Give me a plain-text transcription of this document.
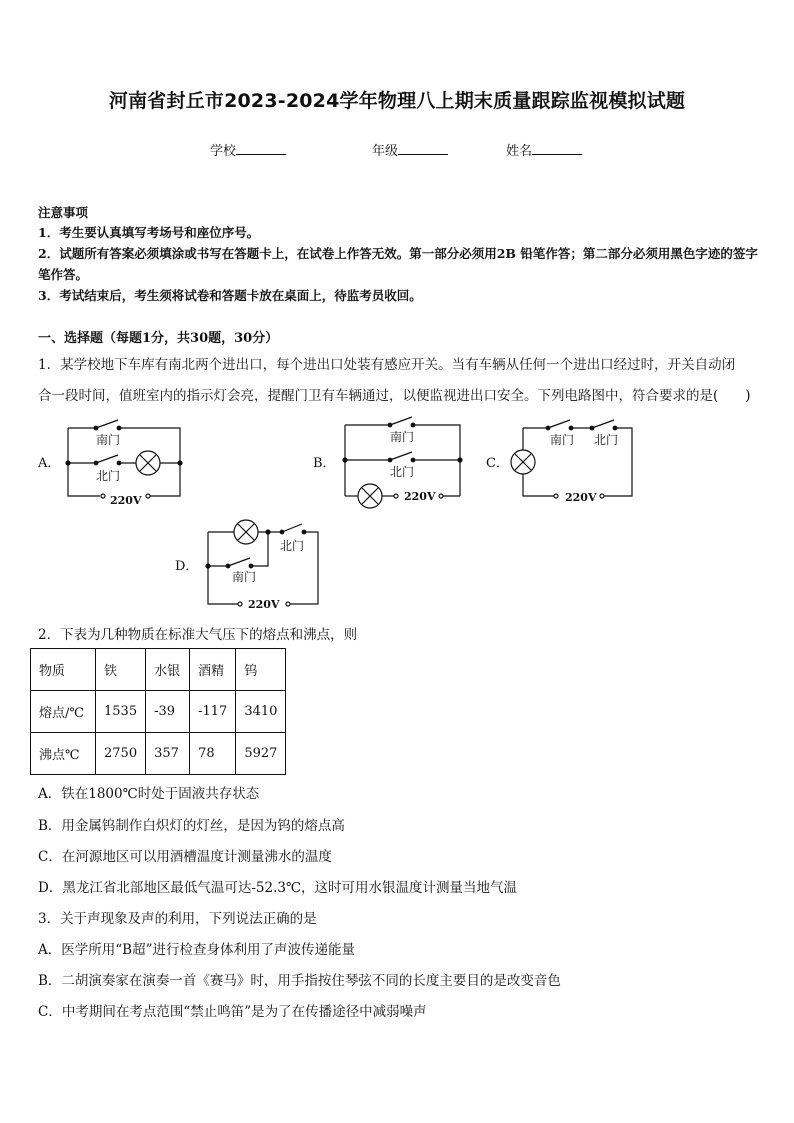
河南省封丘市2023-2024学年物理八上期末质量跟踪监视模拟试题
学校	年级	姓名
注意事项
1．考生要认真填写考场号和座位序号。
2．试题所有答案必须填涂或书写在答题卡上，在试卷上作答无效。第一部分必须用2B 铅笔作答；第二部分必须用黑色字迹的签字笔作答。
3．考试结束后，考生须将试卷和答题卡放在桌面上，待监考员收回。
一、选择题（每题1分，共30题，30分）
1．某学校地下车库有南北两个进出口，每个进出口处装有感应开关。当有车辆从任何一个进出口经过时，开关自动闭
合一段时间，值班室内的指示灯会亮，提醒门卫有车辆通过，以便监视进出口安全。下列电路图中，符合要求的是(　　)
A．
南门
北门
220V
B．
南门
北门
220V
C．
南门 北门
220V
D．
北门
南门
220V
2．下表为几种物质在标准大气压下的熔点和沸点，则
物质	铁	水银	酒精	钨
熔点/℃	1535	-39	-117	3410
沸点℃	2750	357	78	5927
A．铁在1800℃时处于固液共存状态
B．用金属钨制作白炽灯的灯丝，是因为钨的熔点高
C．在河源地区可以用酒槽温度计测量沸水的温度
D．黑龙江省北部地区最低气温可达-52.3℃，这时可用水银温度计测量当地气温
3．关于声现象及声的利用，下列说法正确的是
A．医学所用“B超”进行检查身体利用了声波传递能量
B．二胡演奏家在演奏一首《赛马》时，用手指按住琴弦不同的长度主要目的是改变音色
C．中考期间在考点范围“禁止鸣笛”是为了在传播途径中减弱噪声
